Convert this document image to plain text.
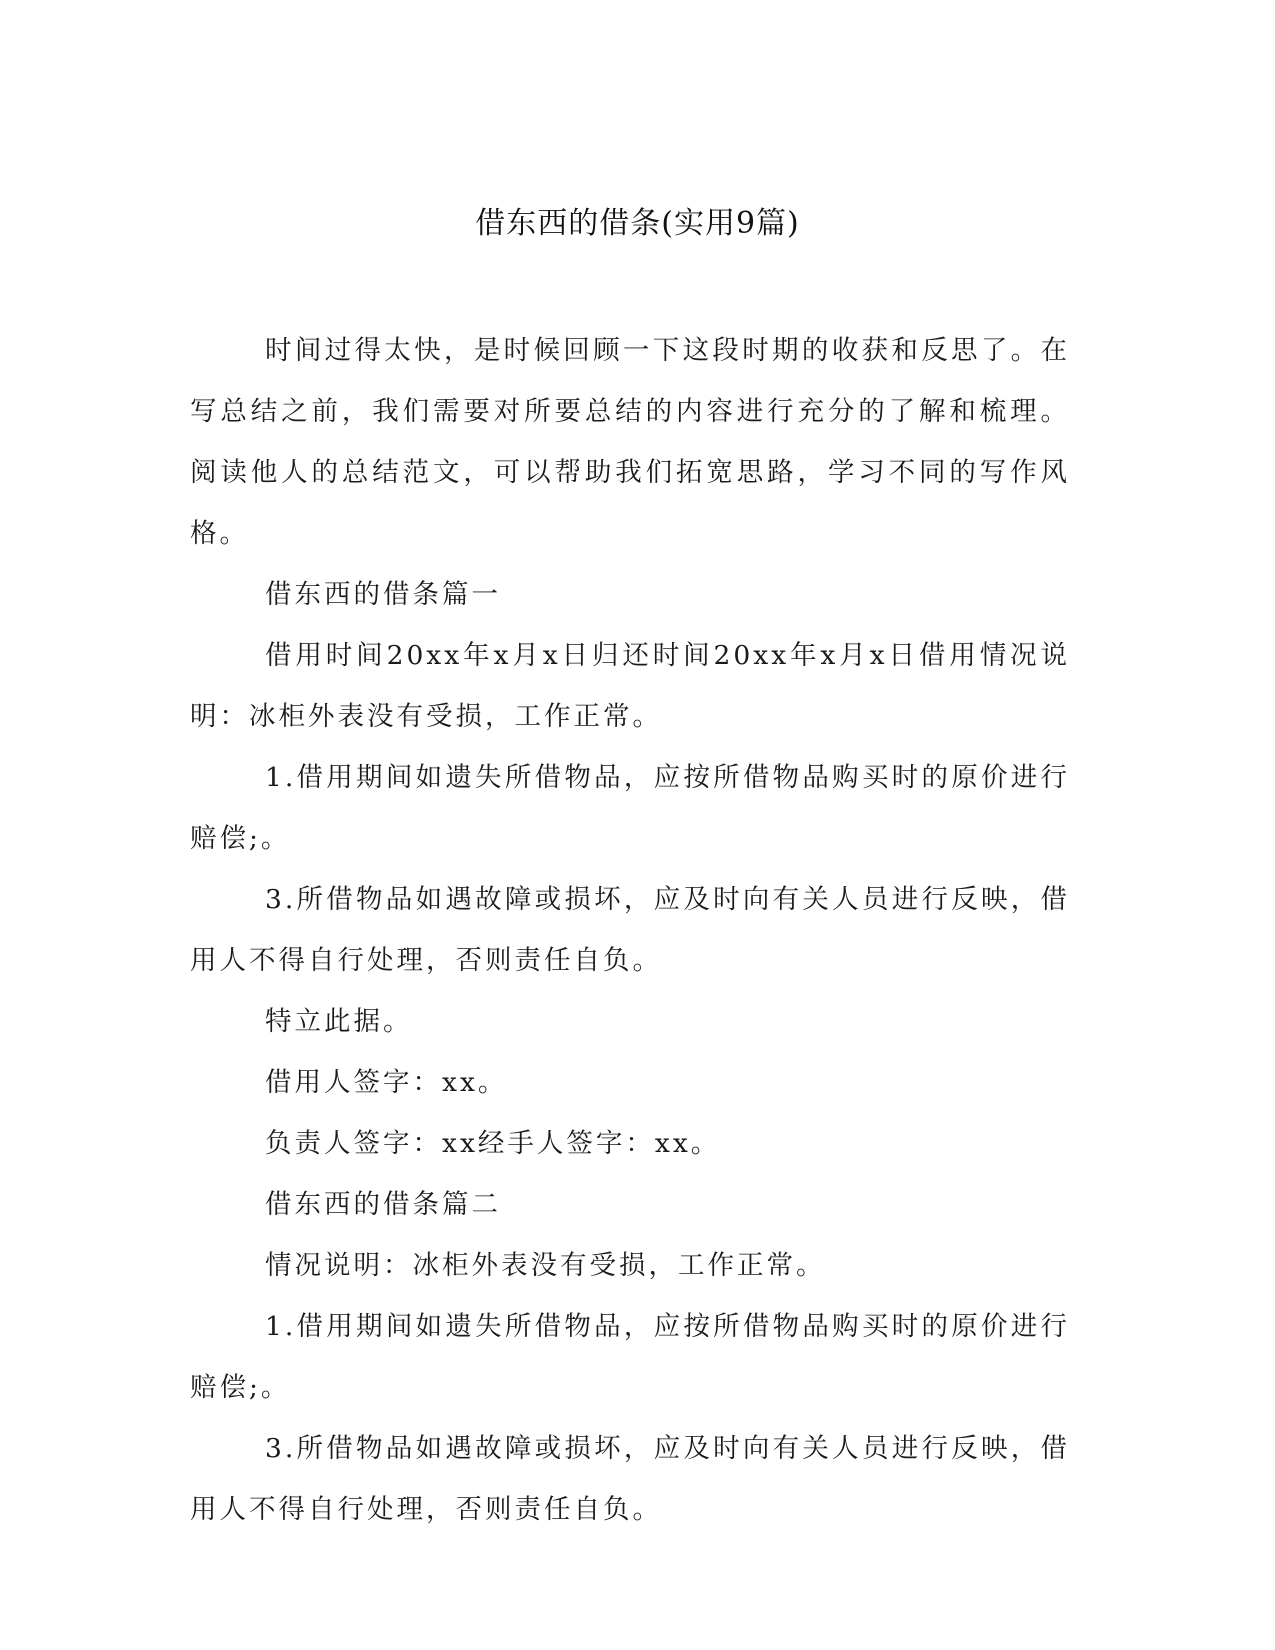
借东西的借条(实用9篇)

时间过得太快，是时候回顾一下这段时期的收获和反思了。在写总结之前，我们需要对所要总结的内容进行充分的了解和梳理。阅读他人的总结范文，可以帮助我们拓宽思路，学习不同的写作风格。

借东西的借条篇一

借用时间20xx年x月x日归还时间20xx年x月x日借用情况说明：冰柜外表没有受损，工作正常。

1.借用期间如遗失所借物品，应按所借物品购买时的原价进行赔偿;。

3.所借物品如遇故障或损坏，应及时向有关人员进行反映，借用人不得自行处理，否则责任自负。

特立此据。

借用人签字：xx。

负责人签字：xx经手人签字：xx。

借东西的借条篇二

情况说明：冰柜外表没有受损，工作正常。

1.借用期间如遗失所借物品，应按所借物品购买时的原价进行赔偿;。

3.所借物品如遇故障或损坏，应及时向有关人员进行反映，借用人不得自行处理，否则责任自负。
